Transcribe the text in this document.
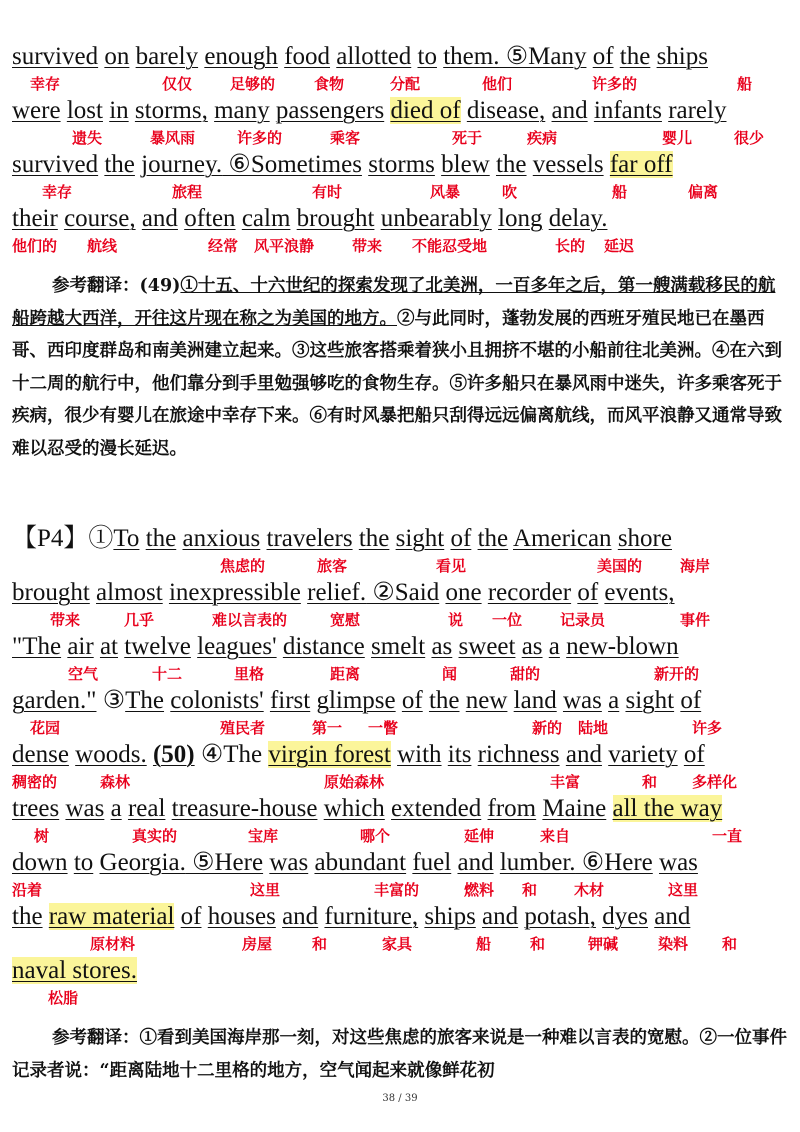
survived on barely enough food allotted to them. ⑤Many of the ships
were lost in storms, many passengers died of disease, and infants rarely
survived the journey. ⑥Sometimes storms blew the vessels far off
their course, and often calm brought unbearably long delay.
幸存	仅仅	足够的	食物	分配	他们	许多的	船
遗失	暴风雨	许多的	乘客	死于	疾病	婴儿	很少
幸存	旅程	有时	风暴	吹	船	偏离
他们的 航线	经常 风平浪静	带来 不能忍受地	长的 延迟

参考翻译：(49)①十五、十六世纪的探索发现了北美洲，一百多年之后，第一艘满载移民的航船跨越大西洋，开往这片现在称之为美国的地方。②与此同时，蓬勃发展的西班牙殖民地已在墨西哥、西印度群岛和南美洲建立起来。③这些旅客搭乘着狭小且拥挤不堪的小船前往北美洲。④在六到十二周的航行中，他们靠分到手里勉强够吃的食物生存。⑤许多船只在暴风雨中迷失，许多乘客死于疾病，很少有婴儿在旅途中幸存下来。⑥有时风暴把船只刮得远远偏离航线，而风平浪静又通常导致难以忍受的漫长延迟。

【P4】①To the anxious travelers the sight of the American shore
brought almost inexpressible relief. ②Said one recorder of events,
"The air at twelve leagues' distance smelt as sweet as a new-blown
garden." ③The colonists' first glimpse of the new land was a sight of
dense woods. (50) ④The virgin forest with its richness and variety of
trees was a real treasure-house which extended from Maine all the way
down to Georgia. ⑤Here was abundant fuel and lumber. ⑥Here was
the raw material of houses and furniture, ships and potash, dyes and
naval stores.
焦虑的	旅客	看见	美国的	海岸
带来	几乎	难以言表的	宽慰	说 一位	记录员	事件
空气	十二	里格	距离	闻	甜的	新开的
花园	殖民者	第一 一瞥	新的 陆地	许多
稠密的	森林	原始森林	丰富	和 多样化
树	真实的	宝库	哪个	延伸	来自	一直
沿着	这里	丰富的	燃料 和 木材	这里
原材料	房屋	和	家具	船	和	钾碱	染料 和
松脂

参考翻译：①看到美国海岸那一刻，对这些焦虑的旅客来说是一种难以言表的宽慰。②一位事件记录者说：“距离陆地十二里格的地方，空气闻起来就像鲜花初

38 / 39
